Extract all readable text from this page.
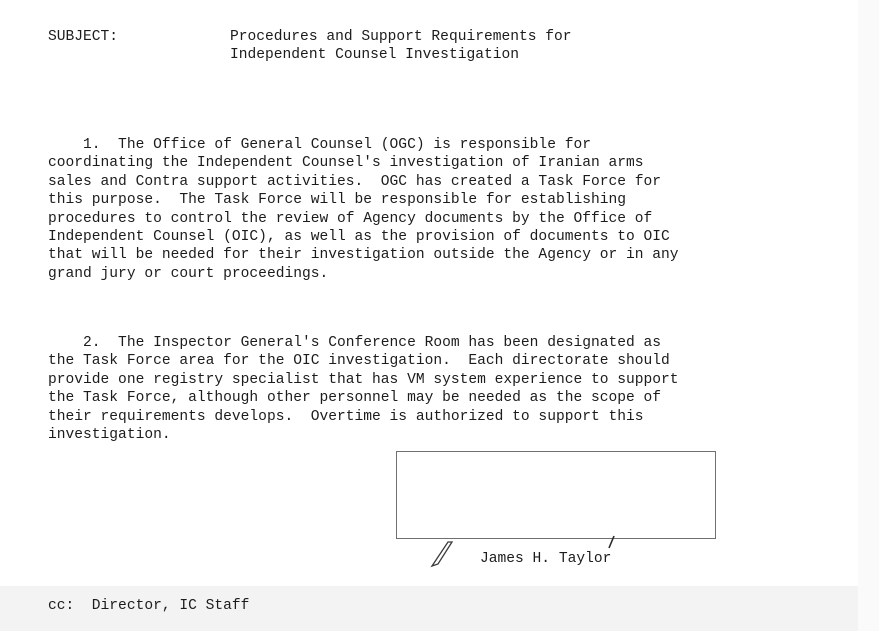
SUBJECT:	Procedures and Support Requirements for
Independent Counsel Investigation
1.  The Office of General Counsel (OGC) is responsible for
coordinating the Independent Counsel's investigation of Iranian arms
sales and Contra support activities.  OGC has created a Task Force for
this purpose.  The Task Force will be responsible for establishing
procedures to control the review of Agency documents by the Office of
Independent Counsel (OIC), as well as the provision of documents to OIC
that will be needed for their investigation outside the Agency or in any
grand jury or court proceedings.
2.  The Inspector General's Conference Room has been designated as
the Task Force area for the OIC investigation.  Each directorate should
provide one registry specialist that has VM system experience to support
the Task Force, although other personnel may be needed as the scope of
their requirements develops.  Overtime is authorized to support this
investigation.
James H. Taylor
cc:  Director, IC Staff
